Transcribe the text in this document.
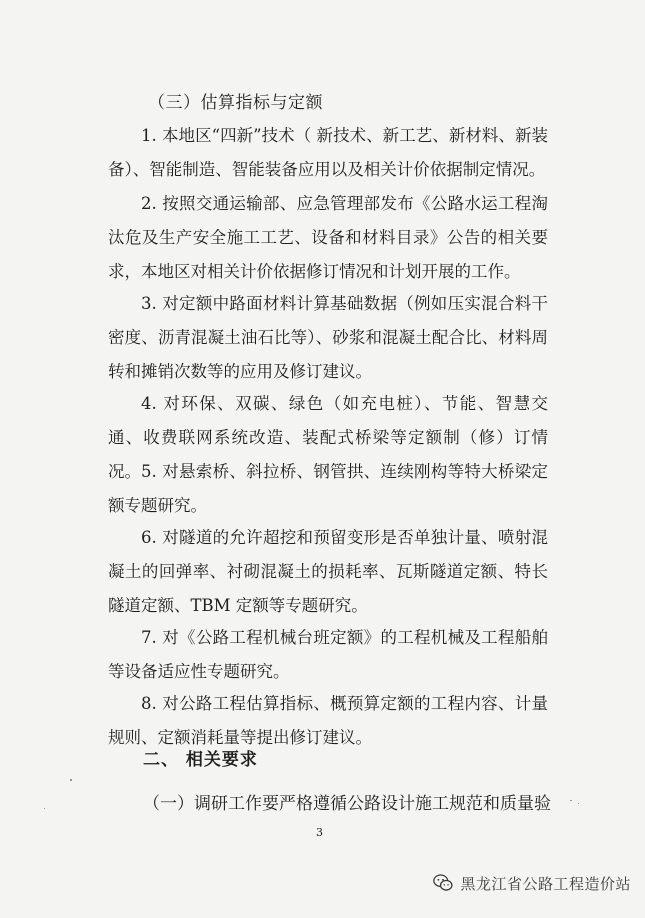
（三）估算指标与定额
1. 本地区“四新”技术（ 新技术、新工艺、新材料、新装备）、智能制造、智能装备应用以及相关计价依据制定情况。
2. 按照交通运输部、应急管理部发布《公路水运工程淘汰危及生产安全施工工艺、设备和材料目录》公告的相关要求，本地区对相关计价依据修订情况和计划开展的工作。
3. 对定额中路面材料计算基础数据（例如压实混合料干密度、沥青混凝土油石比等）、砂浆和混凝土配合比、材料周转和摊销次数等的应用及修订建议。
4. 对环保、双碳、绿色（如充电桩）、节能、智慧交通、收费联网系统改造、装配式桥梁等定额制（修）订情况。 5. 对悬索桥、斜拉桥、钢管拱、连续刚构等特大桥梁定额专题研究。
6. 对隧道的允许超挖和预留变形是否单独计量、喷射混凝土的回弹率、衬砌混凝土的损耗率、瓦斯隧道定额、特长隧道定额、TBM 定额等专题研究。
7. 对《公路工程机械台班定额》的工程机械及工程船舶等设备适应性专题研究。
8. 对公路工程估算指标、概预算定额的工程内容、计量规则、定额消耗量等提出修订建议。
二、 相关要求
（一）调研工作要严格遵循公路设计施工规范和质量验
3
黑龙江省公路工程造价站
